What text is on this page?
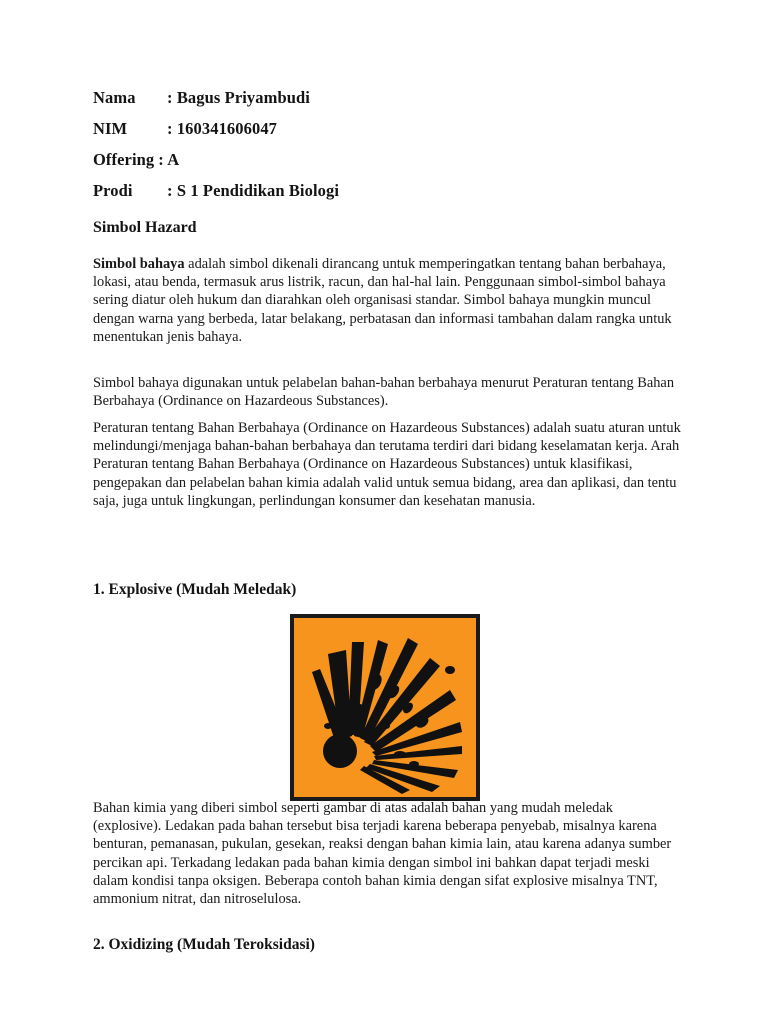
Nama : Bagus Priyambudi
NIM : 160341606047
Offering : A
Prodi : S 1 Pendidikan Biologi
Simbol Hazard

Simbol bahaya adalah simbol dikenali dirancang untuk memperingatkan tentang bahan berbahaya, lokasi, atau benda, termasuk arus listrik, racun, dan hal-hal lain. Penggunaan simbol-simbol bahaya sering diatur oleh hukum dan diarahkan oleh organisasi standar. Simbol bahaya mungkin muncul dengan warna yang berbeda, latar belakang, perbatasan dan informasi tambahan dalam rangka untuk menentukan jenis bahaya.

Simbol bahaya digunakan untuk pelabelan bahan-bahan berbahaya menurut Peraturan tentang Bahan Berbahaya (Ordinance on Hazardeous Substances).

Peraturan tentang Bahan Berbahaya (Ordinance on Hazardeous Substances) adalah suatu aturan untuk melindungi/menjaga bahan-bahan berbahaya dan terutama terdiri dari bidang keselamatan kerja. Arah Peraturan tentang Bahan Berbahaya (Ordinance on Hazardeous Substances) untuk klasifikasi, pengepakan dan pelabelan bahan kimia adalah valid untuk semua bidang, area dan aplikasi, dan tentu saja, juga untuk lingkungan, perlindungan konsumer dan kesehatan manusia.

1. Explosive (Mudah Meledak)

Bahan kimia yang diberi simbol seperti gambar di atas adalah bahan yang mudah meledak (explosive). Ledakan pada bahan tersebut bisa terjadi karena beberapa penyebab, misalnya karena benturan, pemanasan, pukulan, gesekan, reaksi dengan bahan kimia lain, atau karena adanya sumber percikan api. Terkadang ledakan pada bahan kimia dengan simbol ini bahkan dapat terjadi meski dalam kondisi tanpa oksigen. Beberapa contoh bahan kimia dengan sifat explosive misalnya TNT, ammonium nitrat, dan nitroselulosa.

2. Oxidizing (Mudah Teroksidasi)
